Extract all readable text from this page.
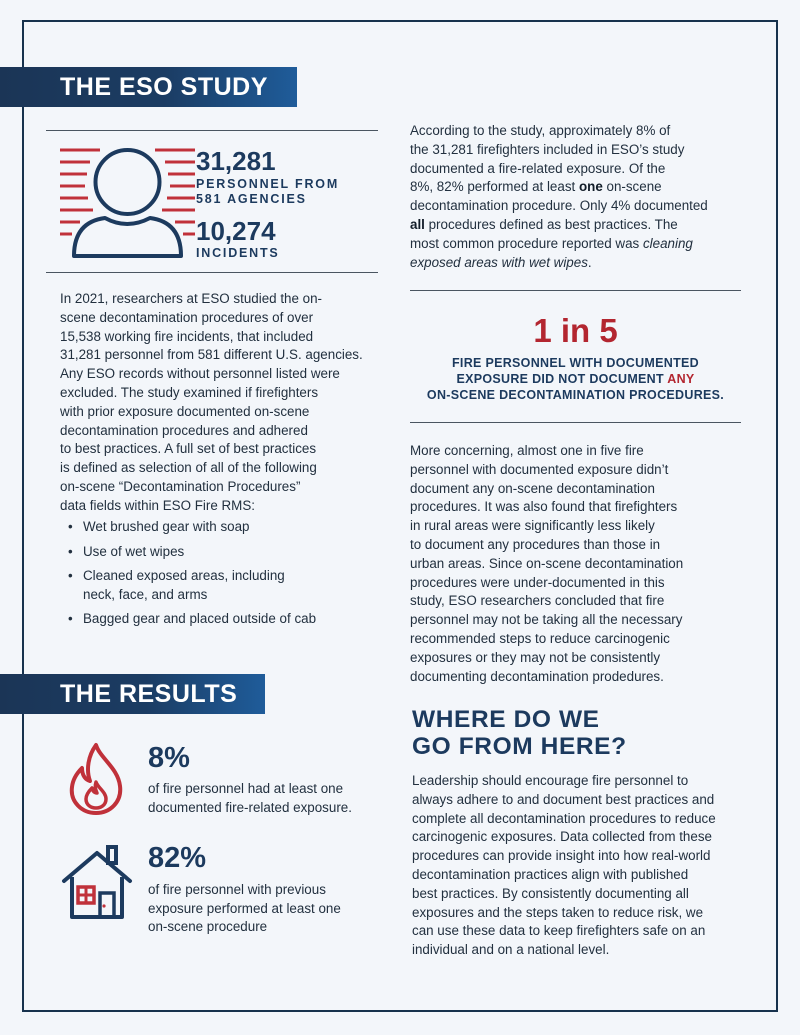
THE ESO STUDY
THE RESULTS
31,281
PERSONNEL FROM
581 AGENCIES
10,274
INCIDENTS
In 2021, researchers at ESO studied the on-
scene decontamination procedures of over
15,538 working fire incidents, that included
31,281 personnel from 581 different U.S. agencies.
Any ESO records without personnel listed were
excluded. The study examined if firefighters
with prior exposure documented on-scene
decontamination procedures and adhered
to best practices. A full set of best practices
is defined as selection of all of the following
on-scene “Decontamination Procedures”
data fields within ESO Fire RMS:
• Wet brushed gear with soap
• Use of wet wipes
• Cleaned exposed areas, including
neck, face, and arms
• Bagged gear and placed outside of cab
According to the study, approximately 8% of
the 31,281 firefighters included in ESO’s study
documented a fire-related exposure. Of the
8%, 82% performed at least one on-scene
decontamination procedure. Only 4% documented
all procedures defined as best practices. The
most common procedure reported was cleaning
exposed areas with wet wipes.
1 in 5
FIRE PERSONNEL WITH DOCUMENTED
EXPOSURE DID NOT DOCUMENT ANY
ON-SCENE DECONTAMINATION PROCEDURES.
More concerning, almost one in five fire
personnel with documented exposure didn’t
document any on-scene decontamination
procedures. It was also found that firefighters
in rural areas were significantly less likely
to document any procedures than those in
urban areas. Since on-scene decontamination
procedures were under-documented in this
study, ESO researchers concluded that fire
personnel may not be taking all the necessary
recommended steps to reduce carcinogenic
exposures or they may not be consistently
documenting decontamination prodedures.
WHERE DO WE
GO FROM HERE?
Leadership should encourage fire personnel to
always adhere to and document best practices and
complete all decontamination procedures to reduce
carcinogenic exposures. Data collected from these
procedures can provide insight into how real-world
decontamination practices align with published
best practices. By consistently documenting all
exposures and the steps taken to reduce risk, we
can use these data to keep firefighters safe on an
individual and on a national level.
8%
of fire personnel had at least one
documented fire-related exposure.
82%
of fire personnel with previous
exposure performed at least one
on-scene procedure
